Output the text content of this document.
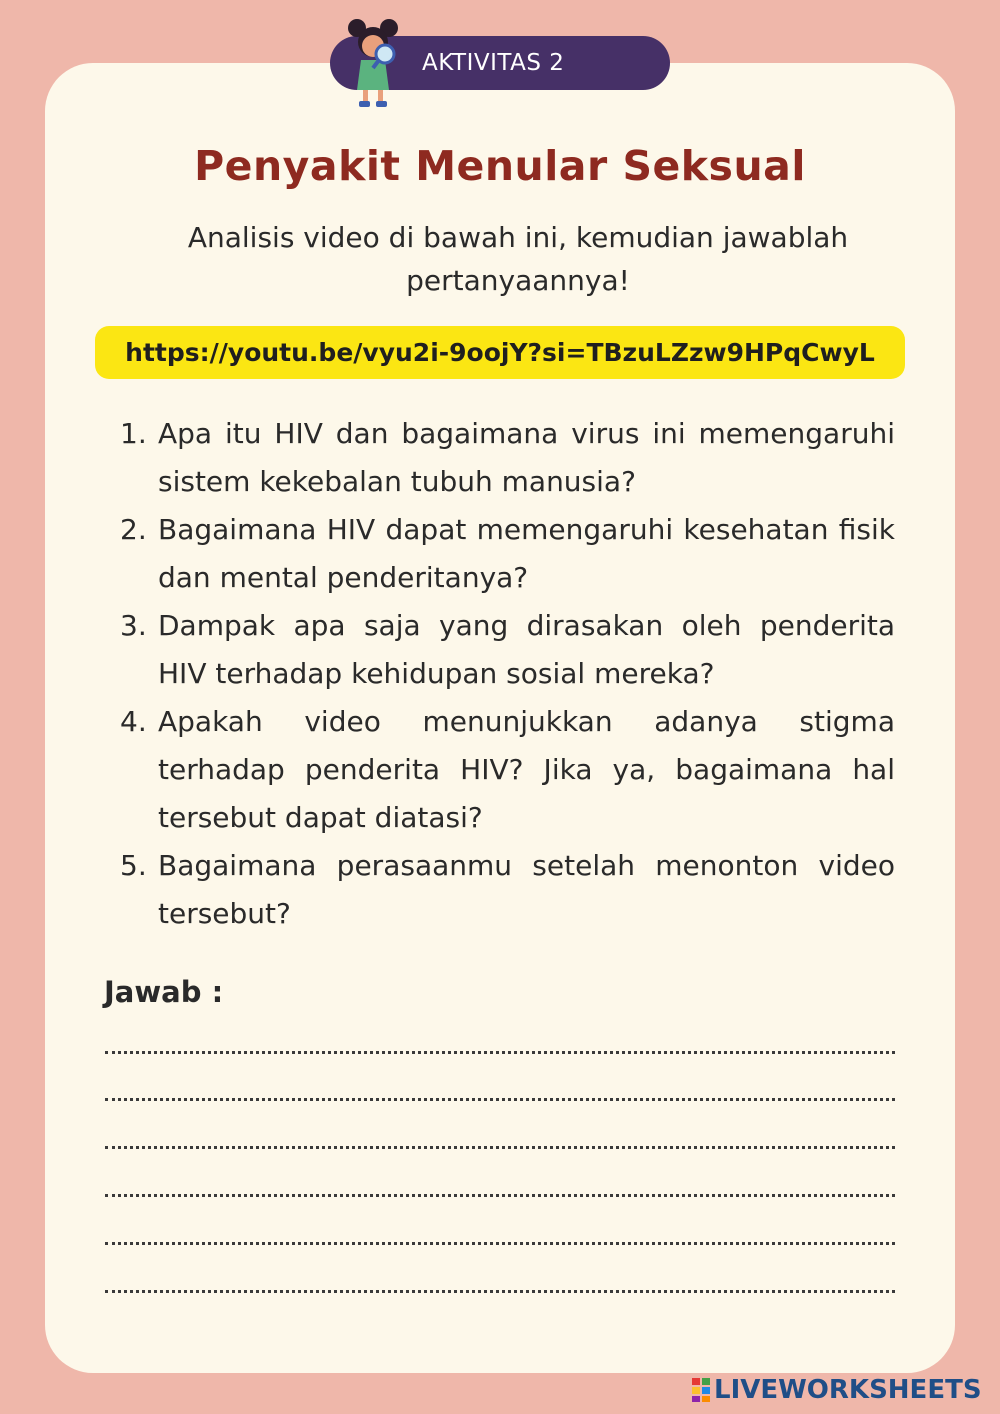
AKTIVITAS 2
Penyakit Menular Seksual
Analisis video di bawah ini, kemudian jawablah pertanyaannya!
https://youtu.be/vyu2i-9oojY?si=TBzuLZzw9HPqCwyL
1. Apa itu HIV dan bagaimana virus ini memengaruhi sistem kekebalan tubuh manusia?
2. Bagaimana HIV dapat memengaruhi kesehatan fisik dan mental penderitanya?
3. Dampak apa saja yang dirasakan oleh penderita HIV terhadap kehidupan sosial mereka?
4. Apakah video menunjukkan adanya stigma terhadap penderita HIV? Jika ya, bagaimana hal tersebut dapat diatasi?
5. Bagaimana perasaanmu setelah menonton video tersebut?
Jawab :
LIVEWORKSHEETS
